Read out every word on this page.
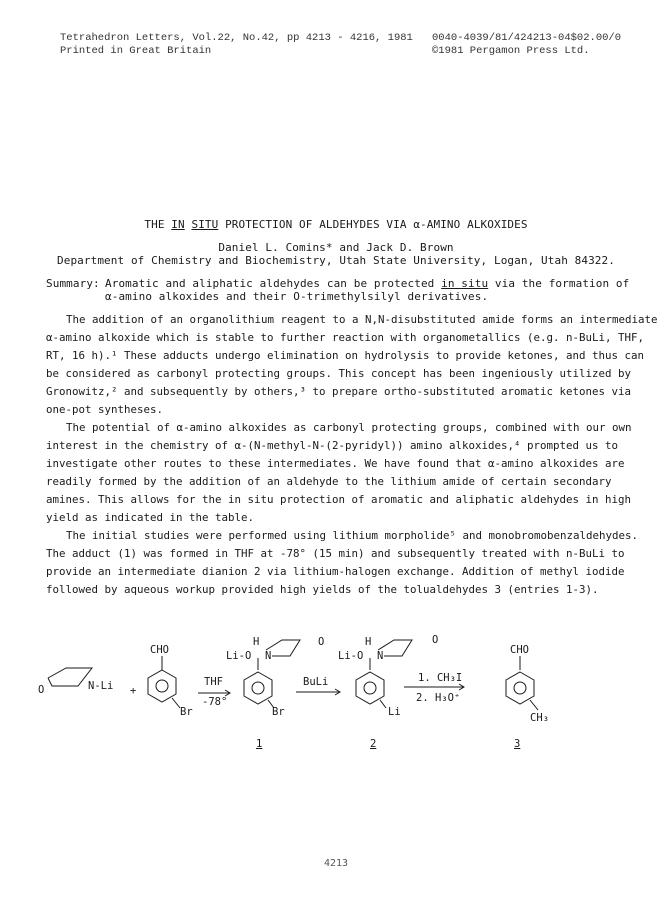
Tetrahedron Letters, Vol.22, No.42, pp 4213 - 4216, 1981
Printed in Great Britain
0040-4039/81/424213-04$02.00/0
©1981 Pergamon Press Ltd.
THE IN SITU PROTECTION OF ALDEHYDES VIA α-AMINO ALKOXIDES
Daniel L. Comins* and Jack D. Brown
Department of Chemistry and Biochemistry, Utah State University, Logan, Utah 84322.
Summary: Aromatic and aliphatic aldehydes can be protected in situ via the formation of
α-amino alkoxides and their O-trimethylsilyl derivatives.
The addition of an organolithium reagent to a N,N-disubstituted amide forms an intermediate
α-amino alkoxide which is stable to further reaction with organometallics (e.g. n-BuLi, THF,
RT, 16 h).¹ These adducts undergo elimination on hydrolysis to provide ketones, and thus can
be considered as carbonyl protecting groups. This concept has been ingeniously utilized by
Gronowitz,² and subsequently by others,³ to prepare ortho-substituted aromatic ketones via
one-pot syntheses.
The potential of α-amino alkoxides as carbonyl protecting groups, combined with our own
interest in the chemistry of α-(N-methyl-N-(2-pyridyl)) amino alkoxides,⁴ prompted us to
investigate other routes to these intermediates. We have found that α-amino alkoxides are
readily formed by the addition of an aldehyde to the lithium amide of certain secondary
amines. This allows for the in situ protection of aromatic and aliphatic aldehydes in high
yield as indicated in the table.
The initial studies were performed using lithium morpholide⁵ and monobromobenzaldehydes.
The adduct (1) was formed in THF at -78° (15 min) and subsequently treated with n-BuLi to
provide an intermediate dianion 2 via lithium-halogen exchange. Addition of methyl iodide
followed by aqueous workup provided high yields of the tolualdehydes 3 (entries 1-3).
N-Li
O	+
CHO
Br
THF
-78°
H
Li-O N
O
Br
BuLi
H
Li-O N
O
Li
1. CH₃I
2. H₃O⁺
CHO
CH₃
1	2	3
4213
